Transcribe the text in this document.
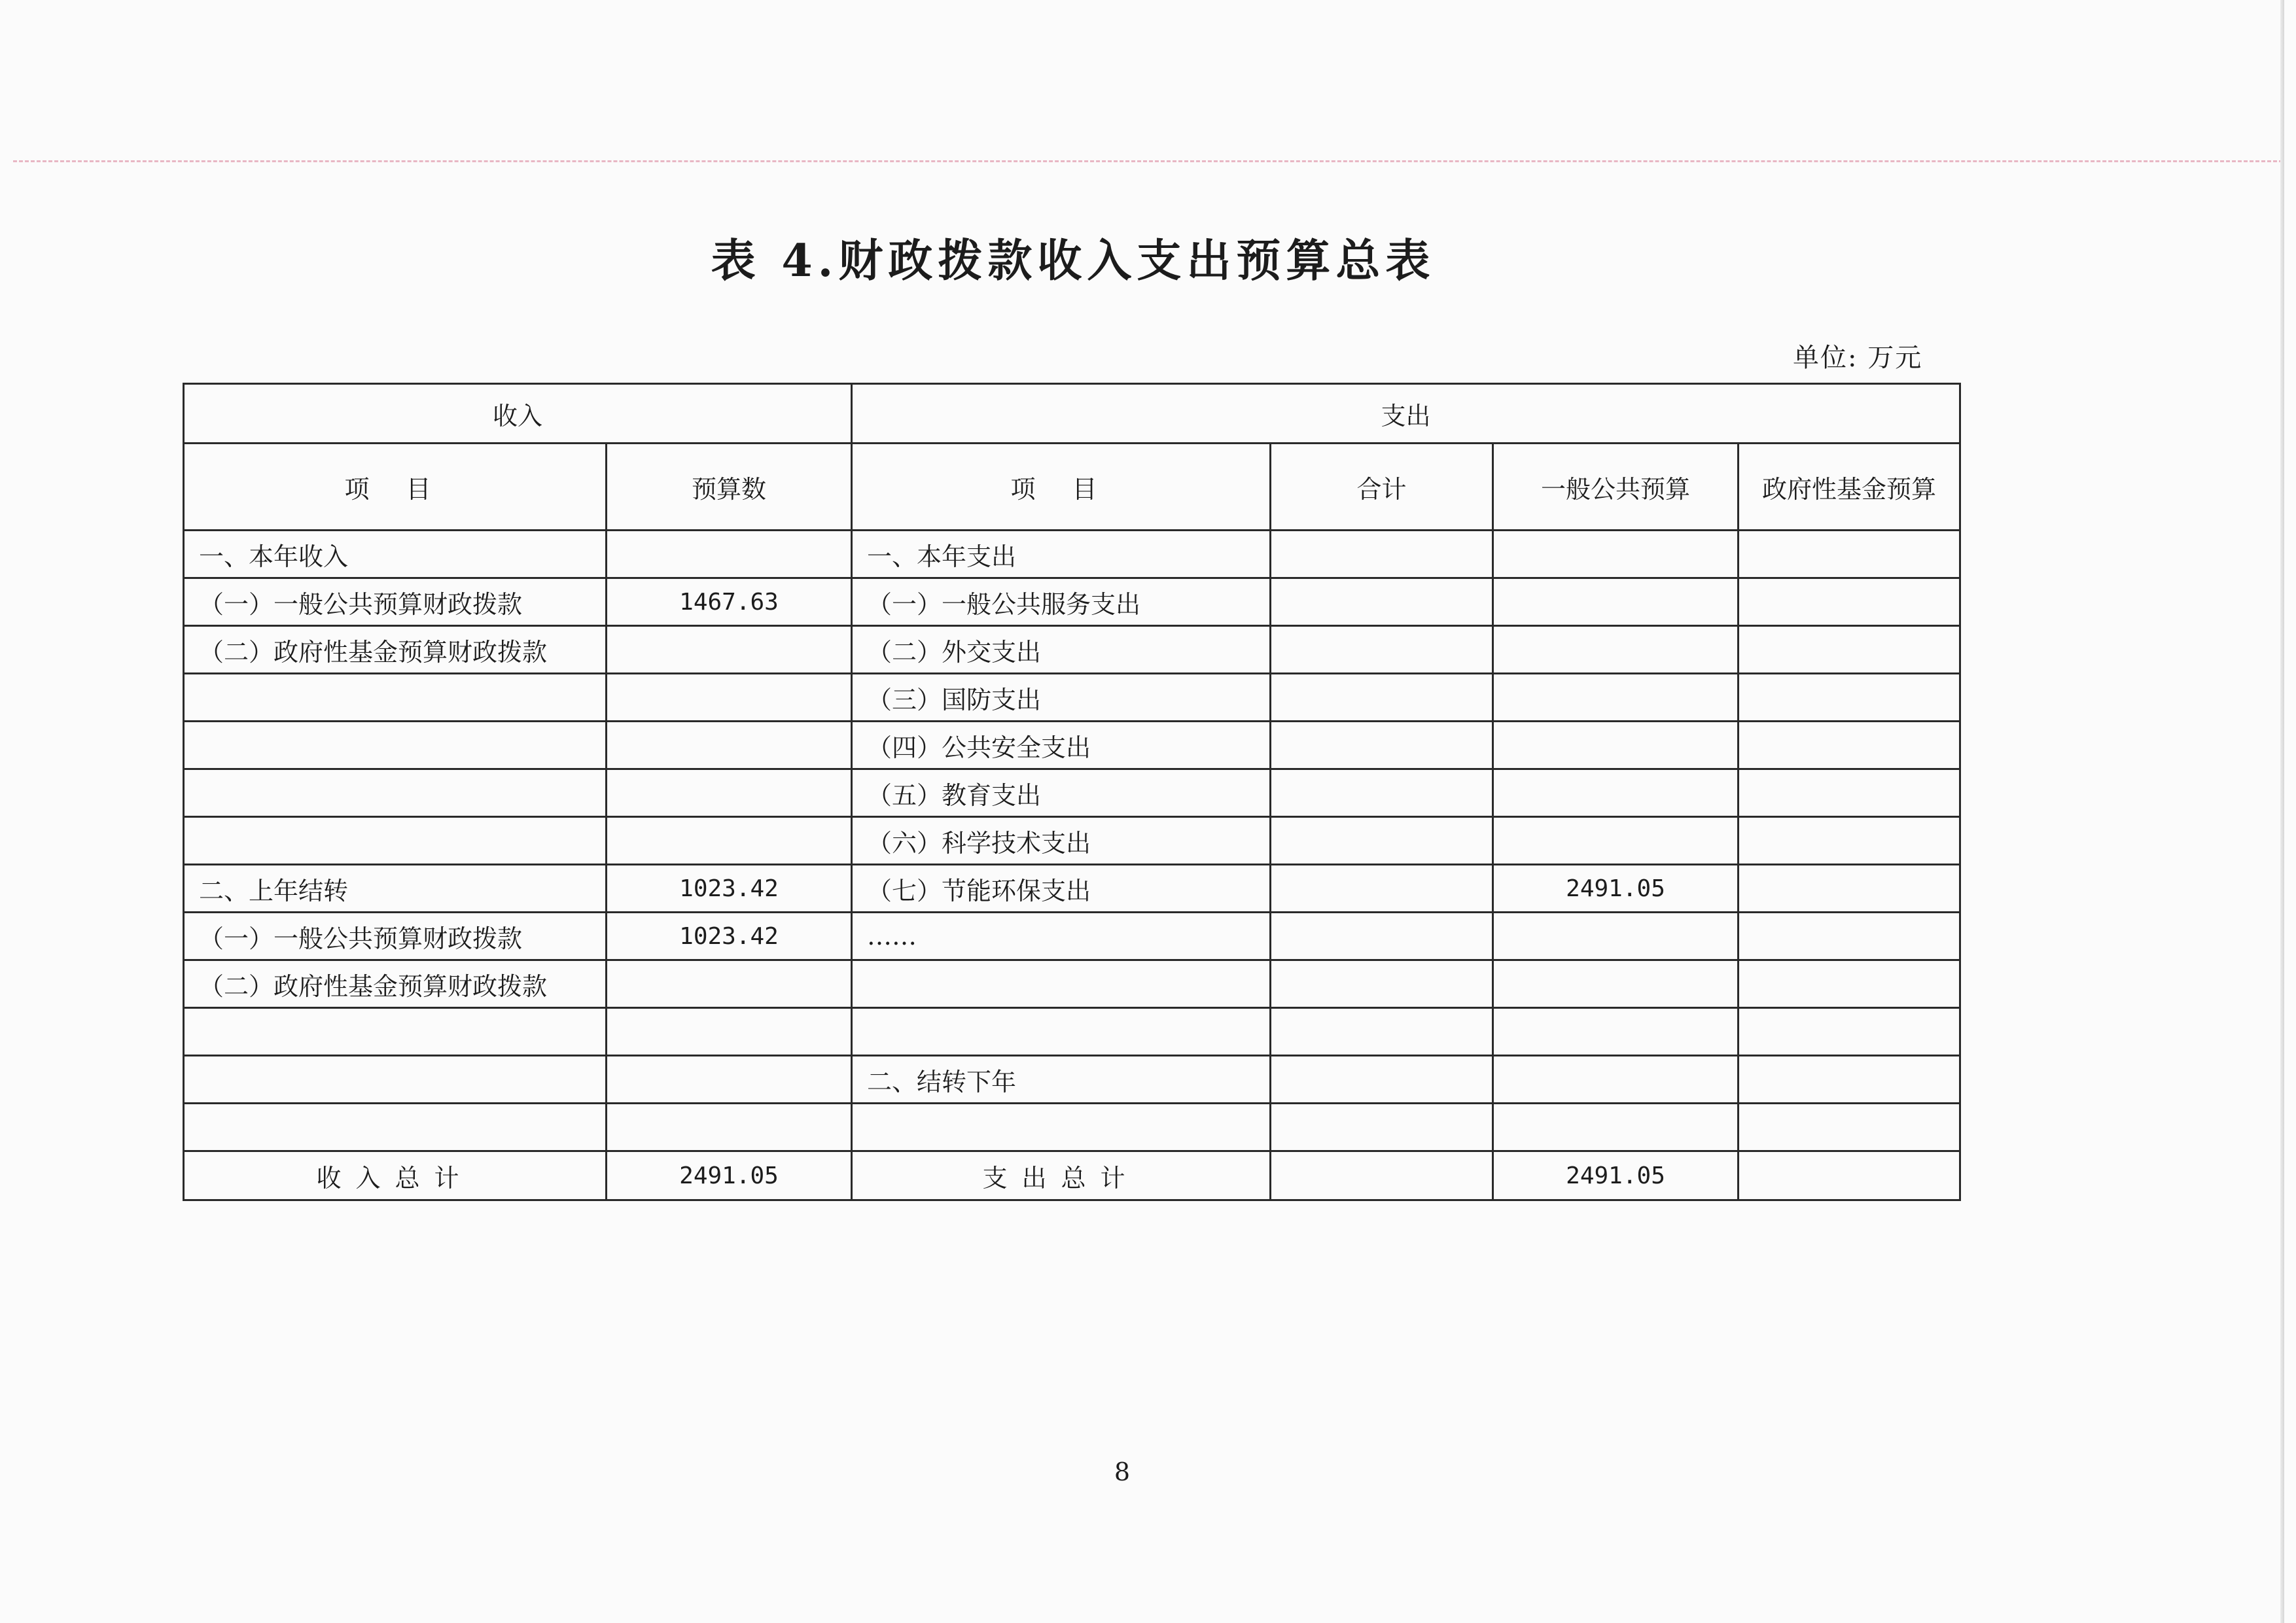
表 4.财政拨款收入支出预算总表
单位: 万元
收入		支出			
项 目	预算数	项 目	合计	一般公共预算	政府性基金预算
一、本年收入		一、本年支出			
（一）一般公共预算财政拨款	1467.63	（一）一般公共服务支出			
（二）政府性基金预算财政拨款		（二）外交支出			
		（三）国防支出			
		（四）公共安全支出			
		（五）教育支出			
		（六）科学技术支出			
二、上年结转	1023.42	（七）节能环保支出		2491.05	
（一）一般公共预算财政拨款	1023.42	……			
（二）政府性基金预算财政拨款					

		二、结转下年			

收入总计	2491.05	支出总计		2491.05	
8
